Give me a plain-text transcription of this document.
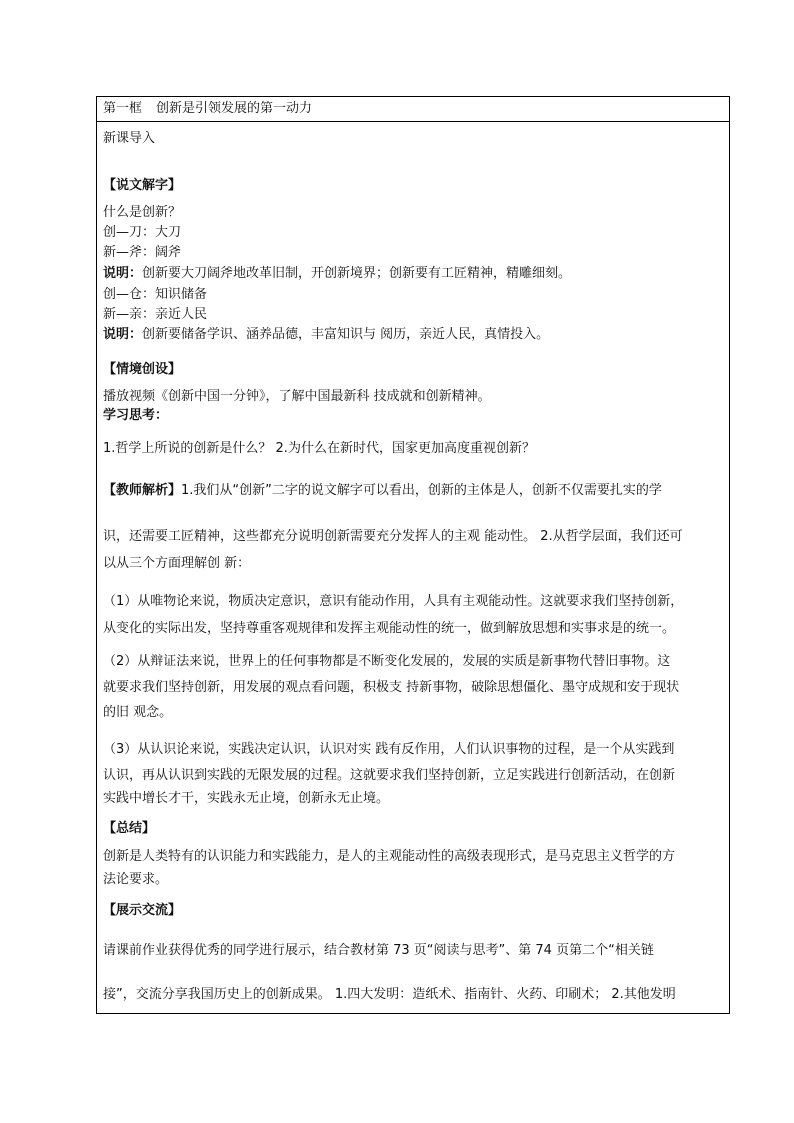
第一框 创新是引领发展的第一动力
新课导入
【说文解字】
什么是创新？
创—刀：大刀
新—斧：阔斧
说明：创新要大刀阔斧地改革旧制，开创新境界；创新要有工匠精神，精雕细刻。
创—仓：知识储备
新—亲：亲近人民
说明：创新要储备学识、涵养品德，丰富知识与 阅历，亲近人民，真情投入。
【情境创设】
播放视频《创新中国一分钟》，了解中国最新科 技成就和创新精神。
学习思考：
1.哲学上所说的创新是什么？ 2.为什么在新时代，国家更加高度重视创新？
【教师解析】1.我们从“创新”二字的说文解字可以看出，创新的主体是人，创新不仅需要扎实的学
识，还需要工匠精神，这些都充分说明创新需要充分发挥人的主观 能动性。 2.从哲学层面，我们还可
以从三个方面理解创 新：
（1）从唯物论来说，物质决定意识，意识有能动作用，人具有主观能动性。这就要求我们坚持创新，
从变化的实际出发，坚持尊重客观规律和发挥主观能动性的统一，做到解放思想和实事求是的统一。
（2）从辩证法来说，世界上的任何事物都是不断变化发展的，发展的实质是新事物代替旧事物。这
就要求我们坚持创新，用发展的观点看问题，积极支 持新事物，破除思想僵化、墨守成规和安于现状
的旧 观念。
（3）从认识论来说，实践决定认识，认识对实 践有反作用，人们认识事物的过程，是一个从实践到
认识，再从认识到实践的无限发展的过程。这就要求我们坚持创新，立足实践进行创新活动，在创新
实践中增长才干，实践永无止境，创新永无止境。
【总结】
创新是人类特有的认识能力和实践能力，是人的主观能动性的高级表现形式，是马克思主义哲学的方
法论要求。
【展示交流】
请课前作业获得优秀的同学进行展示，结合教材第 73 页“阅读与思考”、第 74 页第二个“相关链
接”，交流分享我国历史上的创新成果。 1.四大发明：造纸术、指南针、火药、印刷术； 2.其他发明
